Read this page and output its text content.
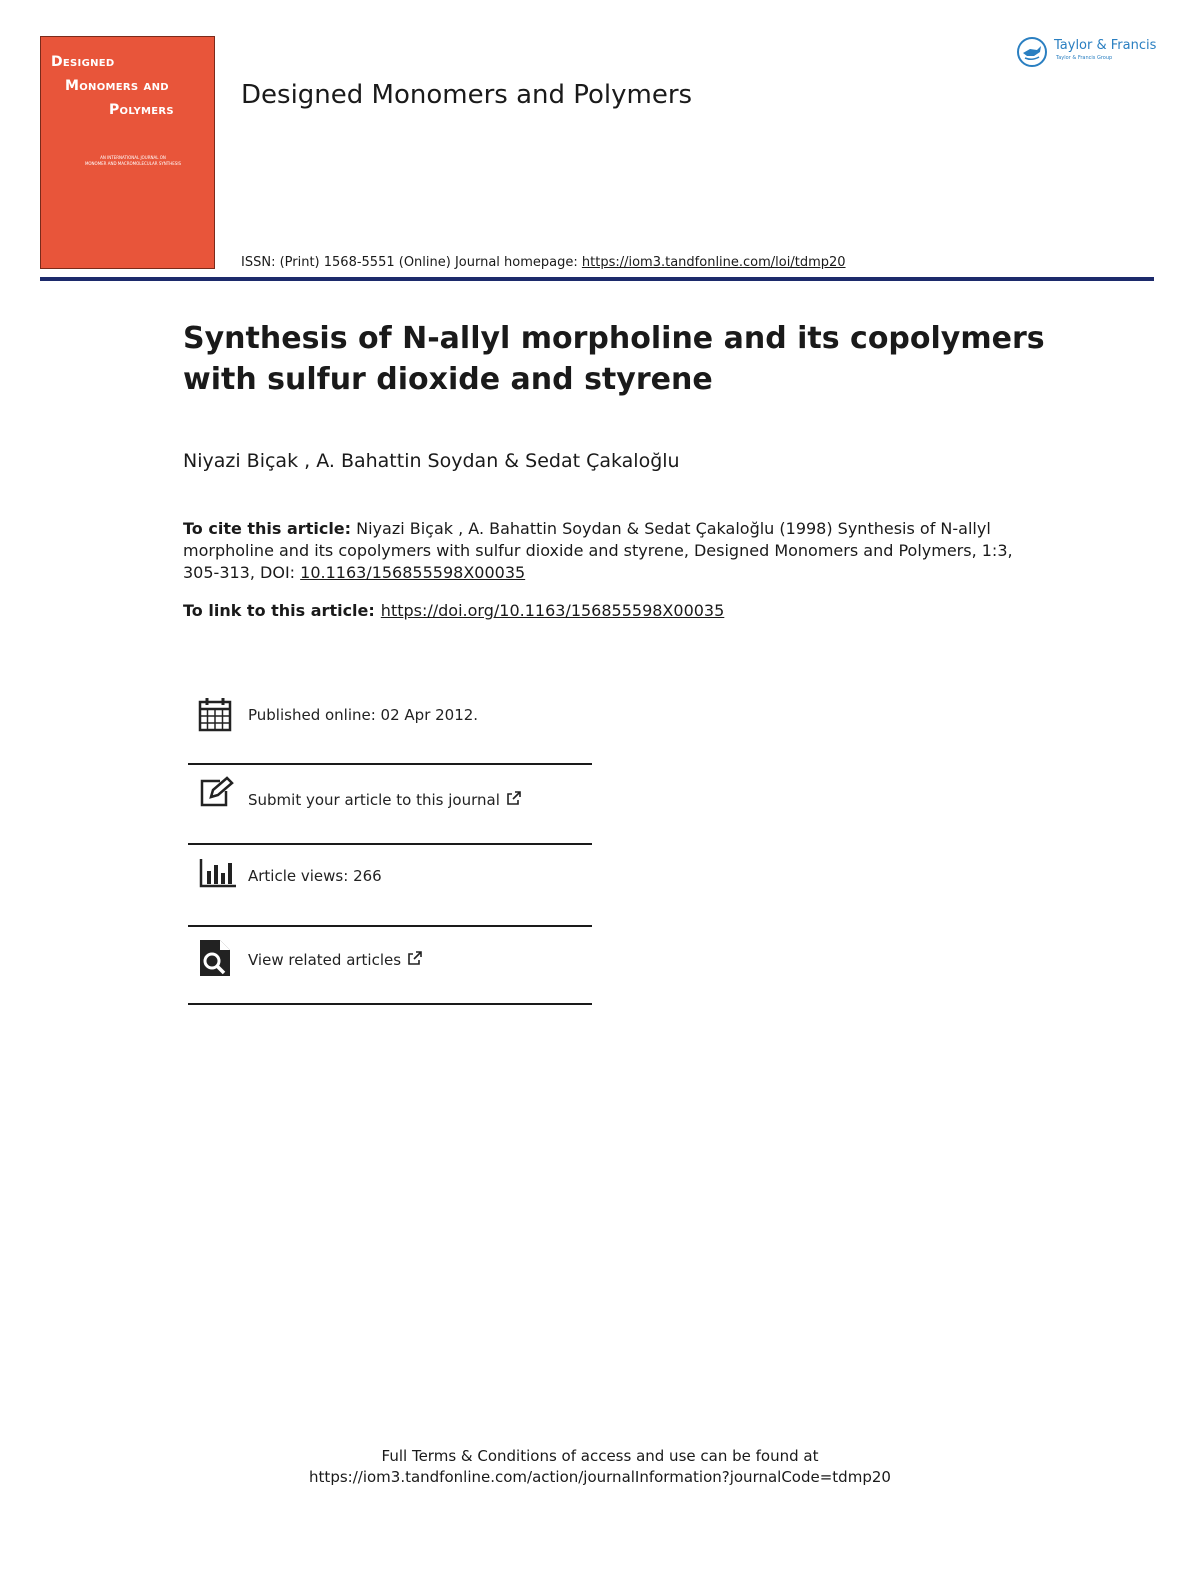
Designed
Monomers and
Polymers
AN INTERNATIONAL JOURNAL ON
MONOMER AND MACROMOLECULAR SYNTHESIS
Designed Monomers and Polymers
ISSN: (Print) 1568-5551 (Online) Journal homepage: https://iom3.tandfonline.com/loi/tdmp20
Taylor & Francis
Taylor & Francis Group
Synthesis of N-allyl morpholine and its copolymers with sulfur dioxide and styrene
Niyazi Biçak , A. Bahattin Soydan & Sedat Çakaloğlu
To cite this article: Niyazi Biçak , A. Bahattin Soydan & Sedat Çakaloğlu (1998) Synthesis of N-allyl morpholine and its copolymers with sulfur dioxide and styrene, Designed Monomers and Polymers, 1:3, 305-313, DOI: 10.1163/156855598X00035
To link to this article: https://doi.org/10.1163/156855598X00035
Published online: 02 Apr 2012.
Submit your article to this journal
Article views: 266
View related articles
Full Terms & Conditions of access and use can be found at
https://iom3.tandfonline.com/action/journalInformation?journalCode=tdmp20
